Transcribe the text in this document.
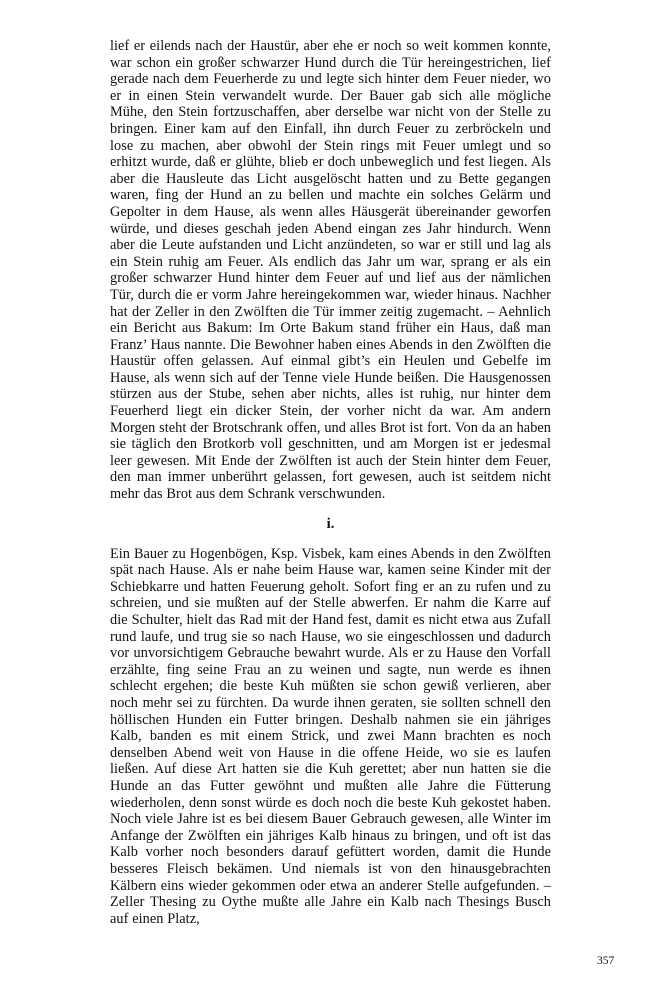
lief er eilends nach der Haustür, aber ehe er noch so weit kommen konnte, war schon ein großer schwarzer Hund durch die Tür hereingestrichen, lief gerade nach dem Feuerherde zu und legte sich hinter dem Feuer nieder, wo er in einen Stein verwandelt wurde. Der Bauer gab sich alle mögliche Mühe, den Stein fortzuschaffen, aber derselbe war nicht von der Stelle zu bringen. Einer kam auf den Einfall, ihn durch Feuer zu zerbröckeln und lose zu machen, aber obwohl der Stein rings mit Feuer umlegt und so erhitzt wurde, daß er glühte, blieb er doch unbeweglich und fest liegen. Als aber die Hausleute das Licht ausgelöscht hatten und zu Bette gegangen waren, fing der Hund an zu bellen und machte ein solches Gelärm und Gepolter in dem Hause, als wenn alles Häusgerät übereinander geworfen würde, und dieses geschah jeden Abend eingan zes Jahr hindurch. Wenn aber die Leute aufstanden und Licht anzündeten, so war er still und lag als ein Stein ruhig am Feuer. Als endlich das Jahr um war, sprang er als ein großer schwarzer Hund hinter dem Feuer auf und lief aus der nämlichen Tür, durch die er vorm Jahre hereingekommen war, wieder hinaus. Nachher hat der Zeller in den Zwölften die Tür immer zeitig zugemacht. – Aehnlich ein Bericht aus Bakum: Im Orte Bakum stand früher ein Haus, daß man Franz’ Haus nannte. Die Bewohner haben eines Abends in den Zwölften die Haustür offen gelassen. Auf einmal gibt’s ein Heulen und Gebelfe im Hause, als wenn sich auf der Tenne viele Hunde beißen. Die Hausgenossen stürzen aus der Stube, sehen aber nichts, alles ist ruhig, nur hinter dem Feuerherd liegt ein dicker Stein, der vorher nicht da war. Am andern Morgen steht der Brotschrank offen, und alles Brot ist fort. Von da an haben sie täglich den Brotkorb voll geschnitten, und am Morgen ist er jedesmal leer gewesen. Mit Ende der Zwölften ist auch der Stein hinter dem Feuer, den man immer unberührt gelassen, fort gewesen, auch ist seitdem nicht mehr das Brot aus dem Schrank verschwunden.

i.

Ein Bauer zu Hogenbögen, Ksp. Visbek, kam eines Abends in den Zwölften spät nach Hause. Als er nahe beim Hause war, kamen seine Kinder mit der Schiebkarre und hatten Feuerung geholt. Sofort fing er an zu rufen und zu schreien, und sie mußten auf der Stelle abwerfen. Er nahm die Karre auf die Schulter, hielt das Rad mit der Hand fest, damit es nicht etwa aus Zufall rund laufe, und trug sie so nach Hause, wo sie eingeschlossen und dadurch vor unvorsichtigem Gebrauche bewahrt wurde. Als er zu Hause den Vorfall erzählte, fing seine Frau an zu weinen und sagte, nun werde es ihnen schlecht ergehen; die beste Kuh müßten sie schon gewiß verlieren, aber noch mehr sei zu fürchten. Da wurde ihnen geraten, sie sollten schnell den höllischen Hunden ein Futter bringen. Deshalb nahmen sie ein jähriges Kalb, banden es mit einem Strick, und zwei Mann brachten es noch denselben Abend weit von Hause in die offene Heide, wo sie es laufen ließen. Auf diese Art hatten sie die Kuh gerettet; aber nun hatten sie die Hunde an das Futter gewöhnt und mußten alle Jahre die Fütterung wiederholen, denn sonst würde es doch noch die beste Kuh gekostet haben. Noch viele Jahre ist es bei diesem Bauer Gebrauch gewesen, alle Winter im Anfange der Zwölften ein jähriges Kalb hinaus zu bringen, und oft ist das Kalb vorher noch besonders darauf gefüttert worden, damit die Hunde besseres Fleisch bekämen. Und niemals ist von den hinausgebrachten Kälbern eins wieder gekommen oder etwa an anderer Stelle aufgefunden. – Zeller Thesing zu Oythe mußte alle Jahre ein Kalb nach Thesings Busch auf einen Platz,

357
